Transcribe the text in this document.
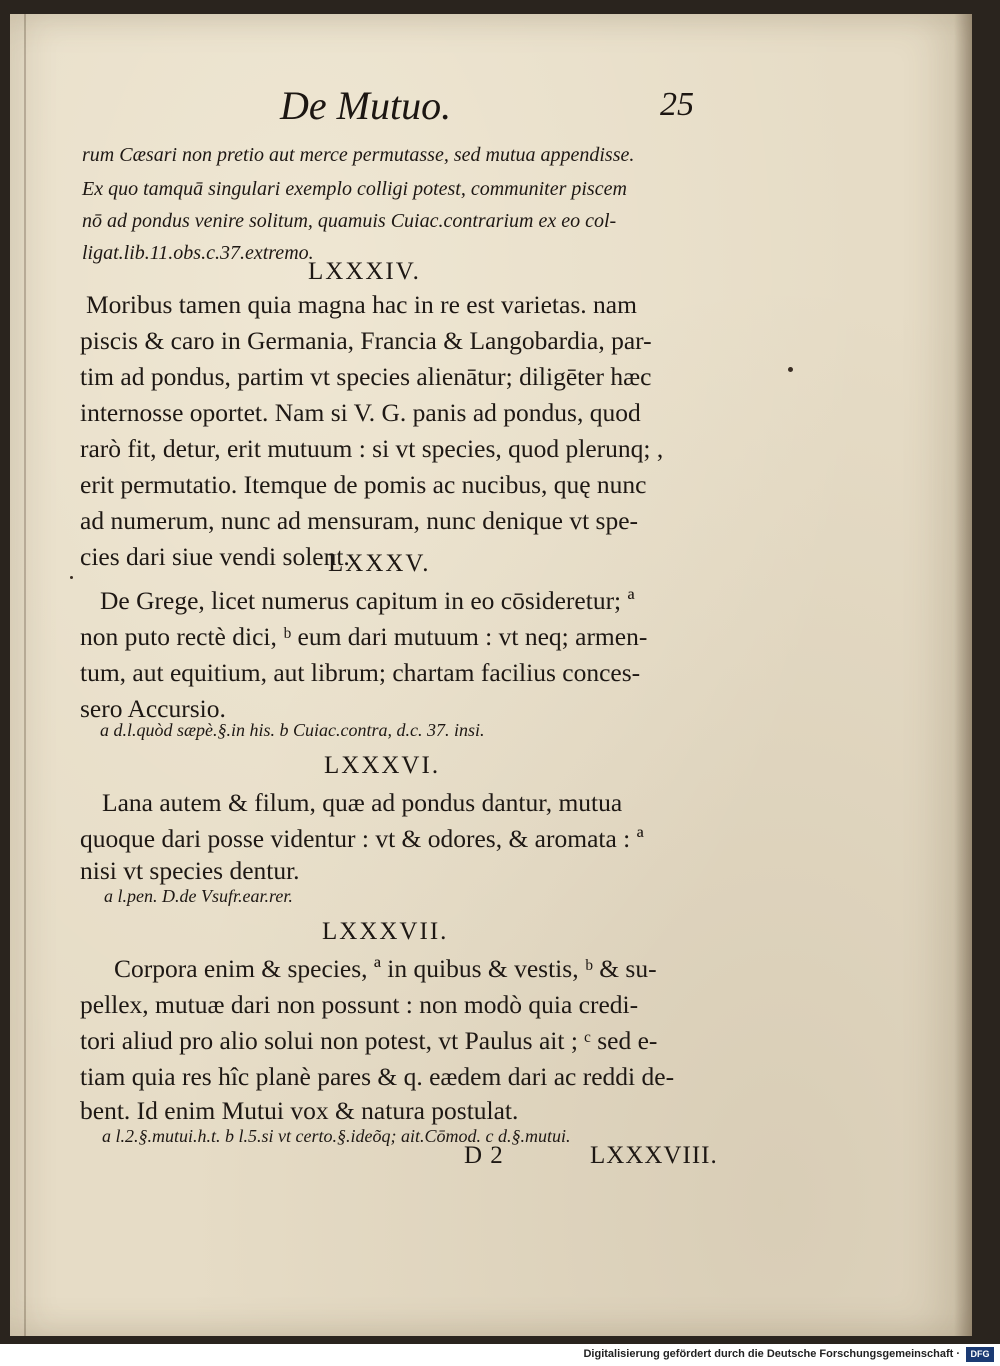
De Mutuo.	25
rum Cæsari non pretio aut merce permutasse, sed mutua appendisse.
Ex quo tamquā singulari exemplo colligi potest, communiter piscem
nō ad pondus venire solitum, quamuis Cuiac.contrarium ex eo col-
ligat.lib.11.obs.c.37.extremo.
LXXXIV.
Moribus tamen quia magna hac in re est varietas. nam
piscis & caro in Germania, Francia & Langobardia, par-
tim ad pondus, partim vt species alienātur; diligēter hæc
internosse oportet. Nam si V. G. panis ad pondus, quod
rarò fit, detur, erit mutuum : si vt species, quod plerunq; ,
erit permutatio. Itemque de pomis ac nucibus, quę nunc
ad numerum, nunc ad mensuram, nunc denique vt spe-
cies dari siue vendi solent.
LXXXV.
De Grege, licet numerus capitum in eo cōsideretur; ª
non puto rectè dici, ᵇ eum dari mutuum : vt neq; armen-
tum, aut equitium, aut librum; chartam facilius conces-
sero Accursio.
a d.l.quòd sæpè.§.in his. b Cuiac.contra, d.c. 37. insi.
LXXXVI.
Lana autem & filum, quæ ad pondus dantur, mutua
quoque dari posse videntur : vt & odores, & aromata : ª
nisi vt species dentur.
a l.pen. D.de Vsufr.ear.rer.
LXXXVII.
Corpora enim & species, ª in quibus & vestis, ᵇ & su-
pellex, mutuæ dari non possunt : non modò quia credi-
tori aliud pro alio solui non potest, vt Paulus ait ; ᶜ sed e-
tiam quia res hîc planè pares & q. eædem dari ac reddi de-
bent. Id enim Mutui vox & natura postulat.
a l.2.§.mutui.h.t. b l.5.si vt certo.§.ideõq; ait.Cōmod. c d.§.mutui.
D 2	LXXXVIII.
Digitalisierung gefördert durch die Deutsche Forschungsgemeinschaft ·	DFG
